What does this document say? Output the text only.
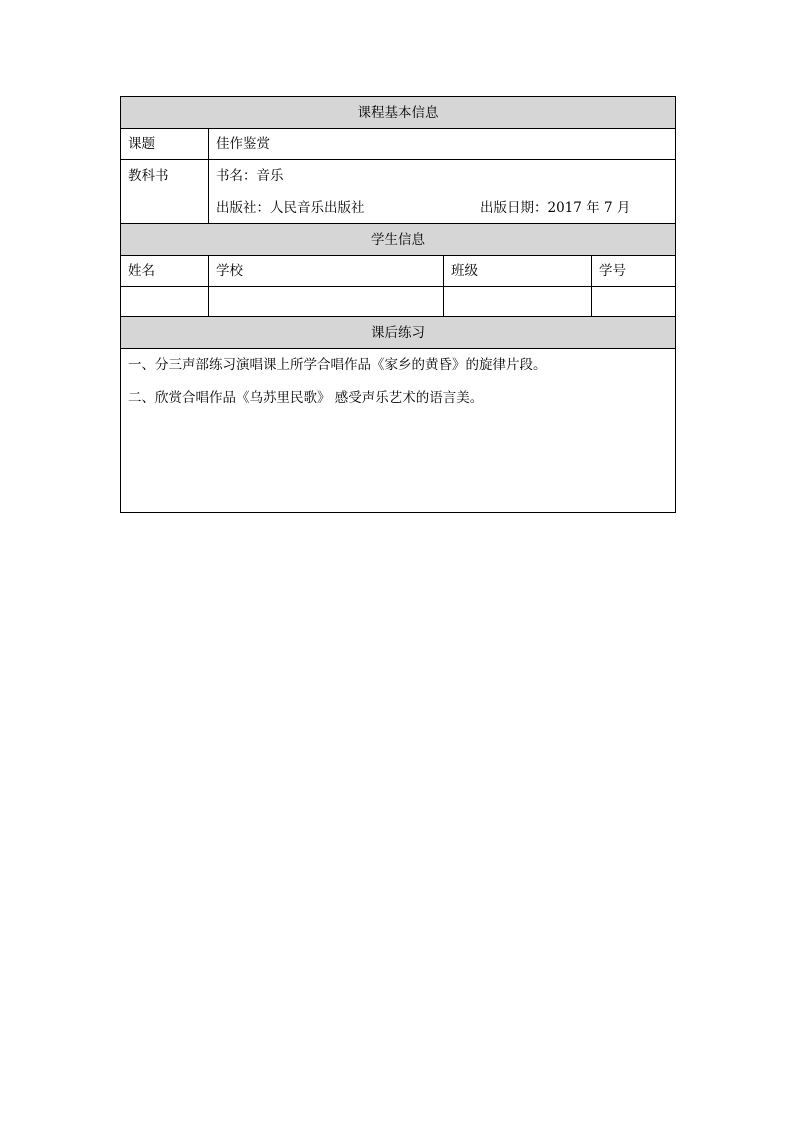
课程基本信息			
课题	佳作鉴赏		
教科书	书名：音乐
出版社：人民音乐出版社 出版日期：2017 年 7 月		

学生信息			
姓名	学校	班级	学号

课后练习			

一、分三声部练习演唱课上所学合唱作品《家乡的黄昏》的旋律片段。
二、欣赏合唱作品《乌苏里民歌》 感受声乐艺术的语言美。			
